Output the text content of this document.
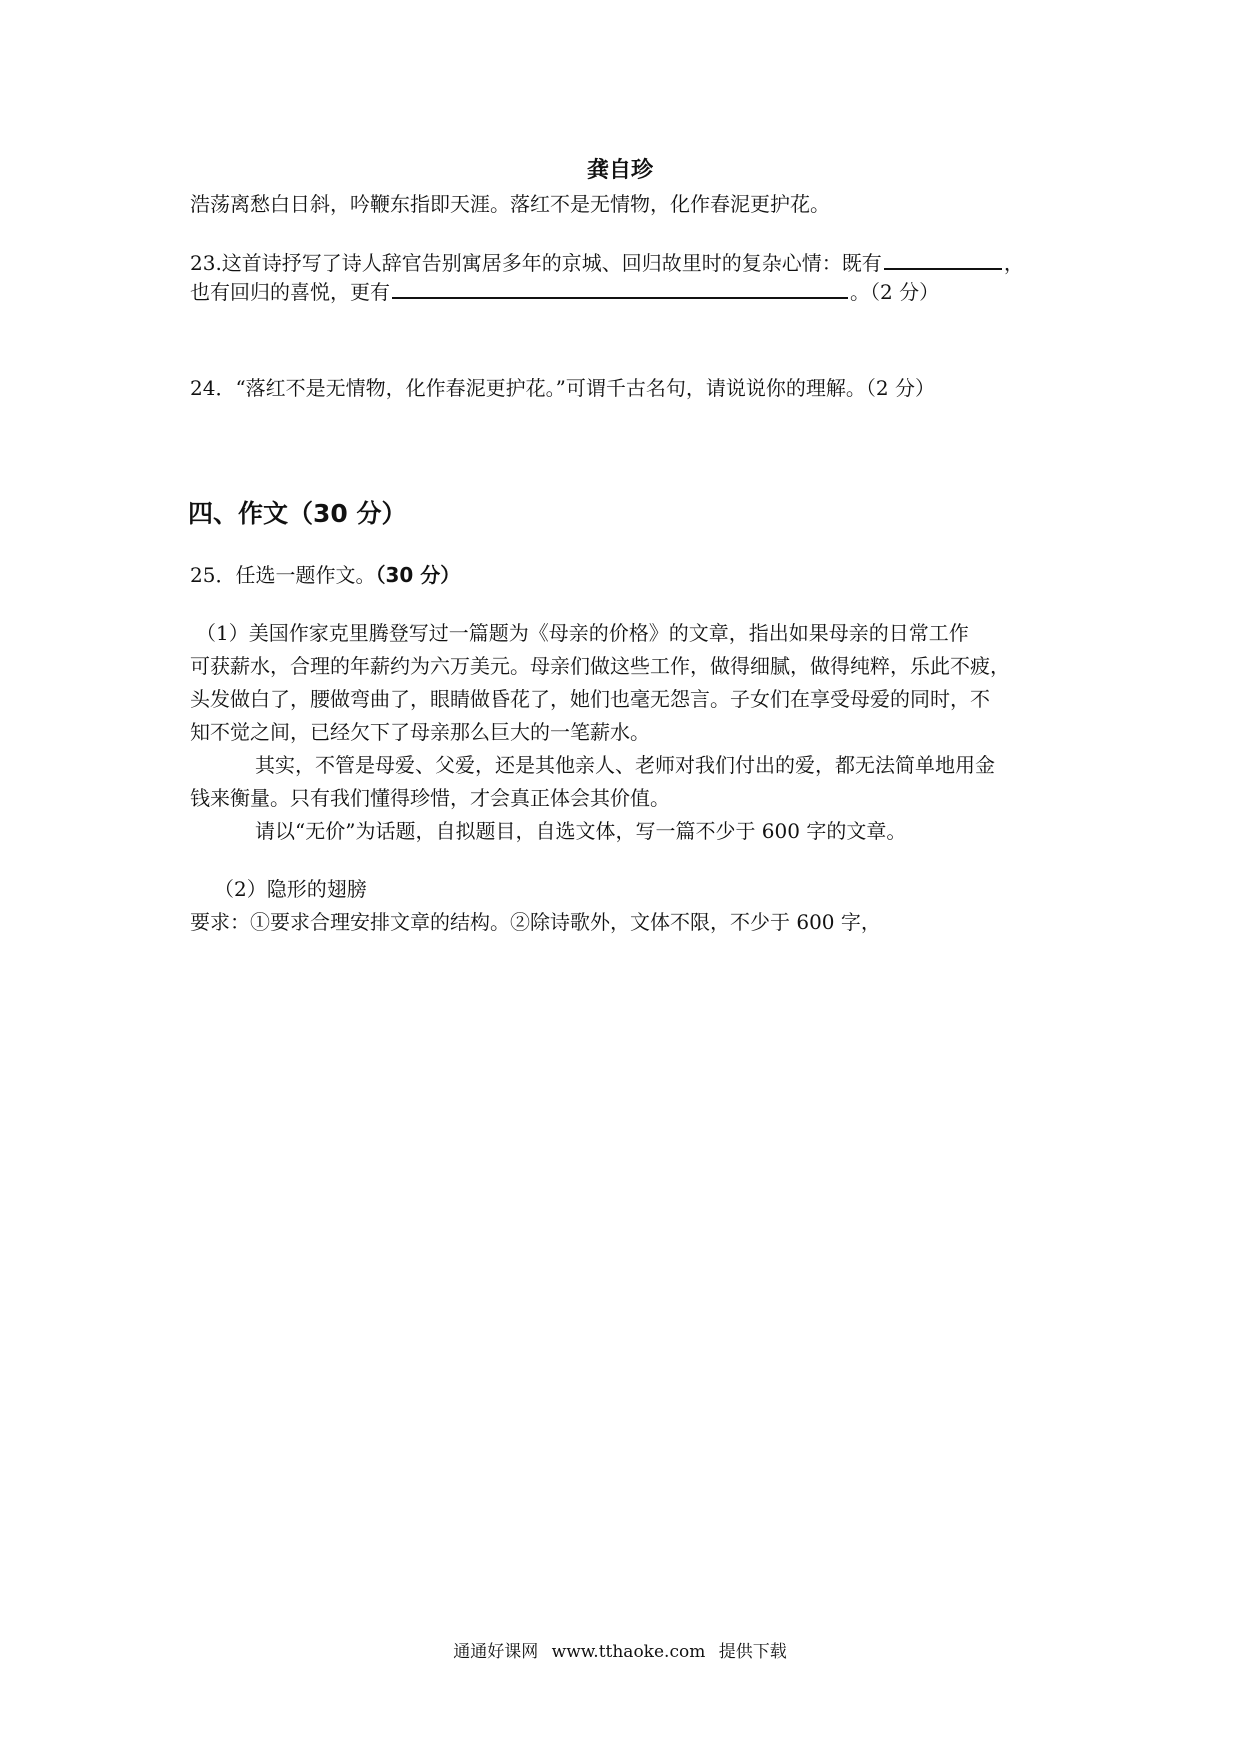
龚自珍
浩荡离愁白日斜，吟鞭东指即天涯。落红不是无情物，化作春泥更护花。
23.这首诗抒写了诗人辞官告别寓居多年的京城、回归故里时的复杂心情：既有	，
也有回归的喜悦，更有	。（2 分）
24．“落红不是无情物，化作春泥更护花。”可谓千古名句，请说说你的理解。（2 分）
四、作文（30 分）
25．任选一题作文。（30 分）
（1）美国作家克里腾登写过一篇题为《母亲的价格》的文章，指出如果母亲的日常工作
可获薪水，合理的年薪约为六万美元。母亲们做这些工作，做得细腻，做得纯粹，乐此不疲，
头发做白了，腰做弯曲了，眼睛做昏花了，她们也毫无怨言。子女们在享受母爱的同时，不
知不觉之间，已经欠下了母亲那么巨大的一笔薪水。
其实，不管是母爱、父爱，还是其他亲人、老师对我们付出的爱，都无法简单地用金
钱来衡量。只有我们懂得珍惜，才会真正体会其价值。
请以“无价”为话题，自拟题目，自选文体，写一篇不少于 600 字的文章。
（2）隐形的翅膀
要求：①要求合理安排文章的结构。②除诗歌外，文体不限，不少于 600 字，
通通好课网 www.tthaoke.com 提供下载
